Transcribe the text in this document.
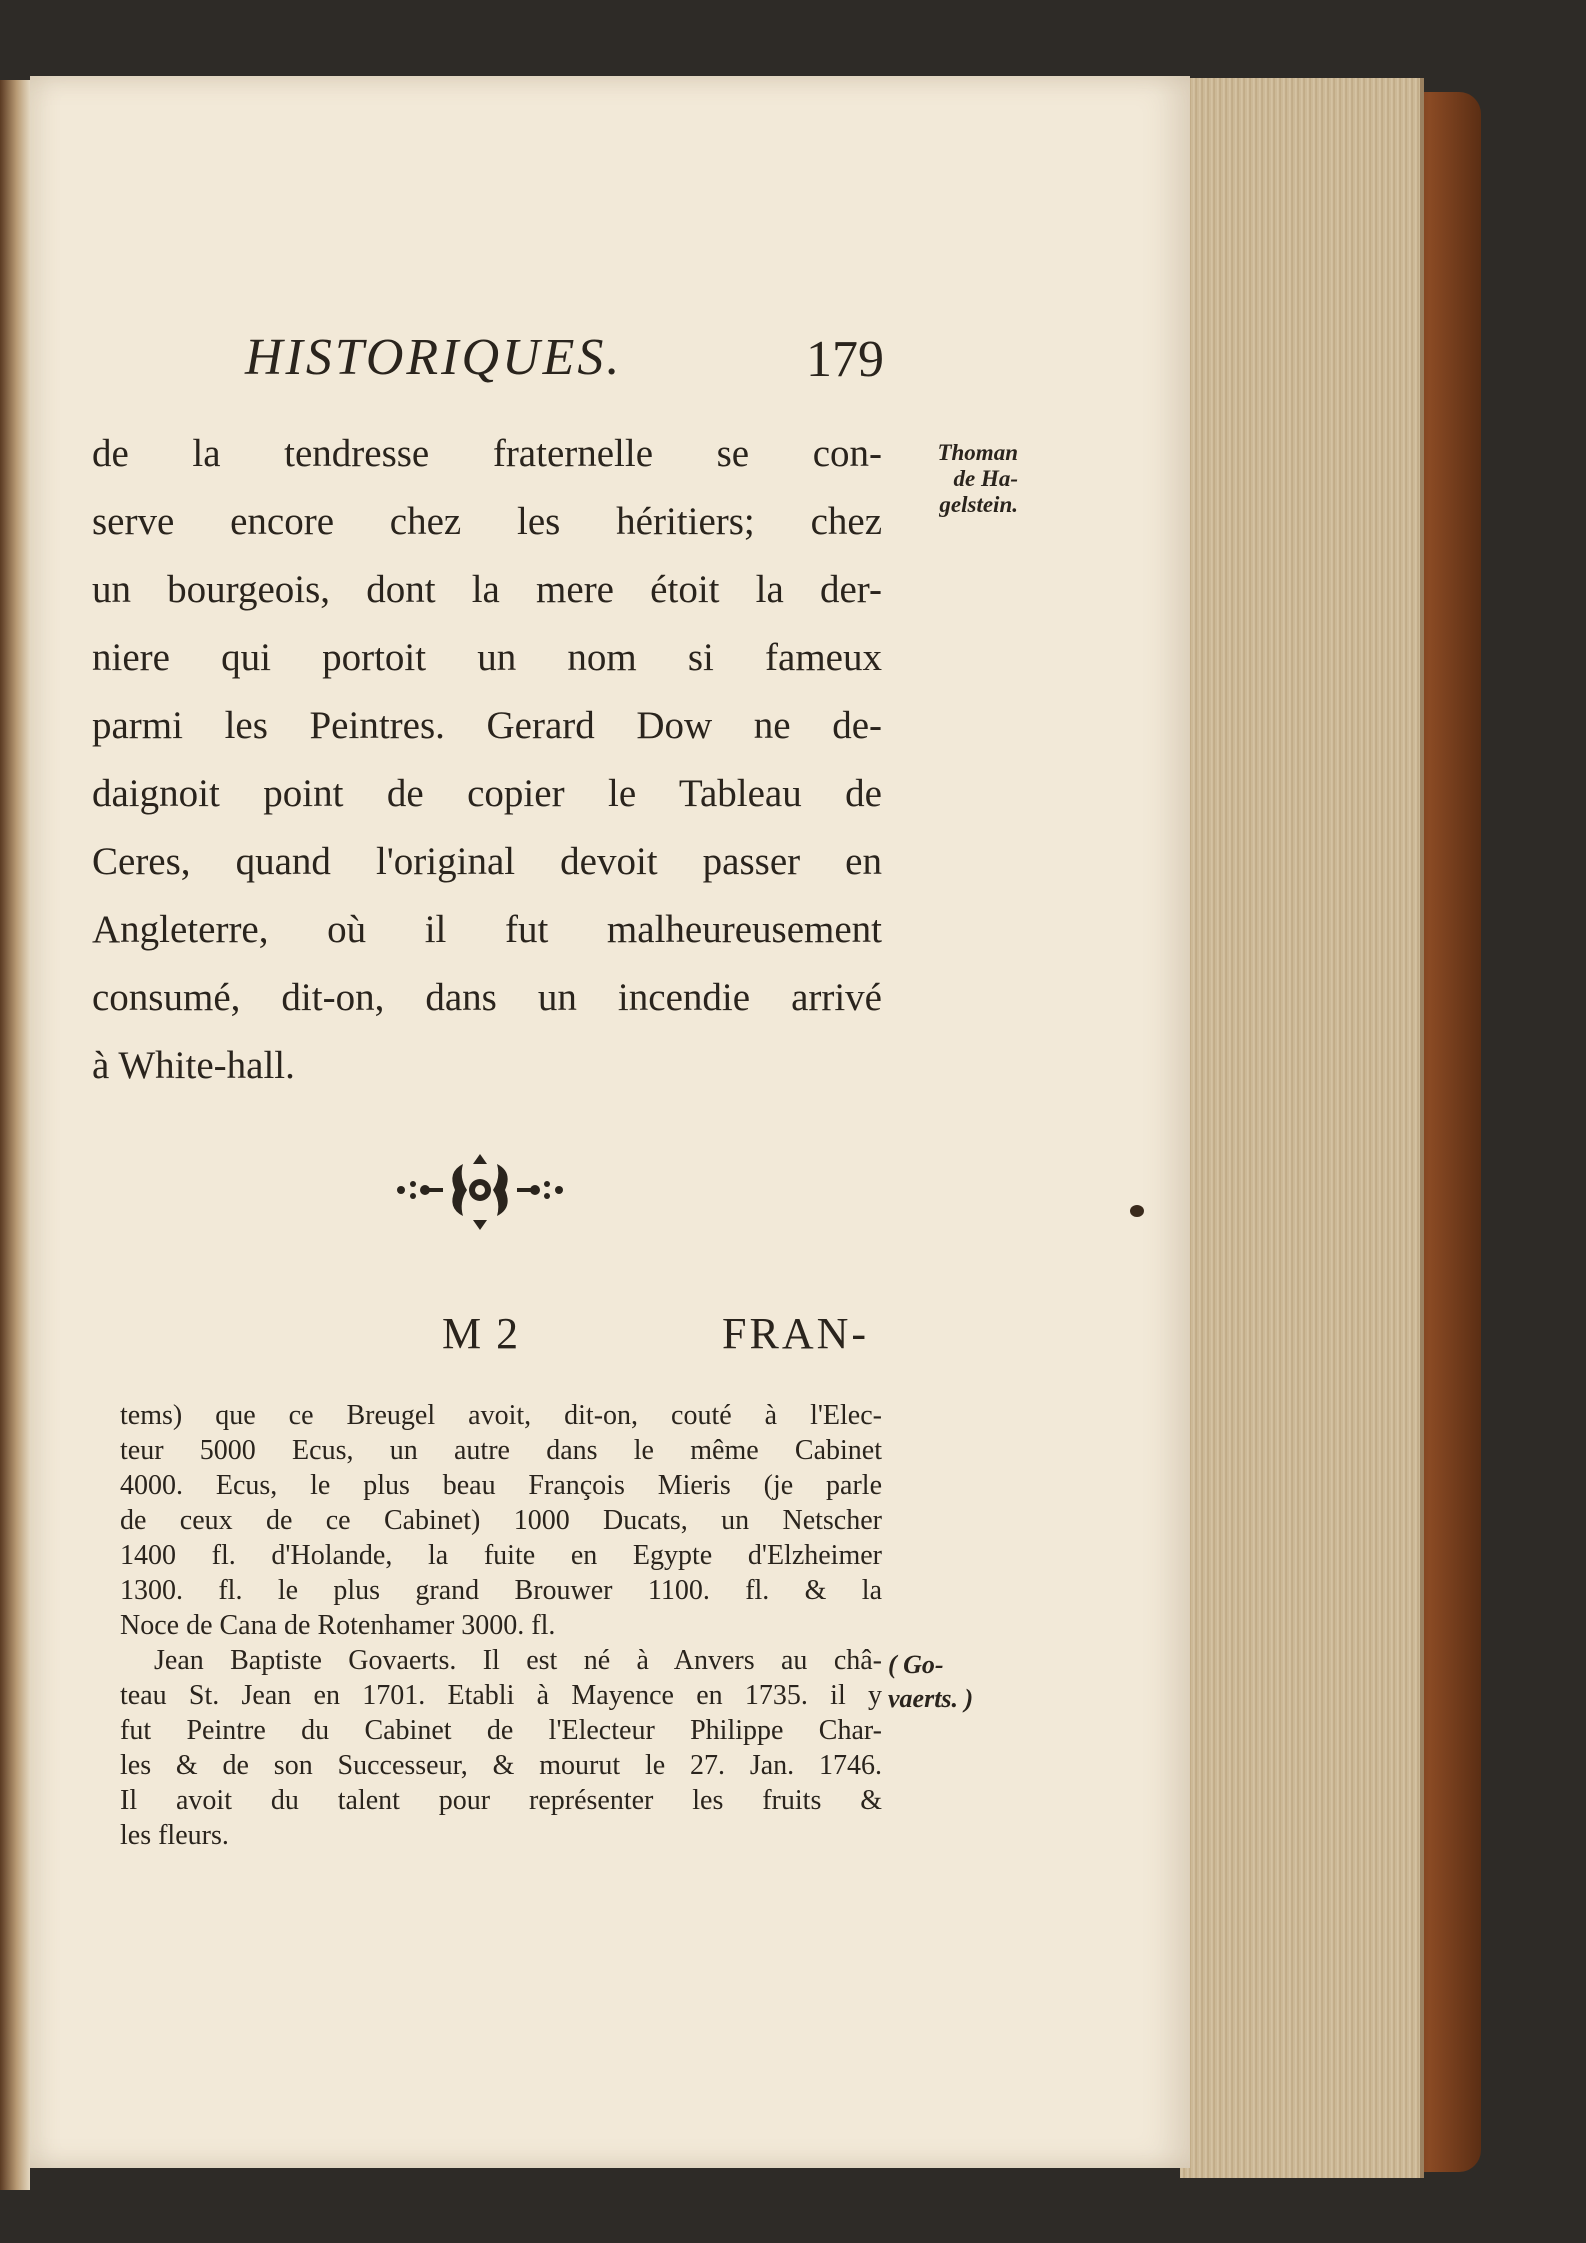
HISTORIQUES.	179
de la tendresse fraternelle se con-
serve encore chez les héritiers; chez
un bourgeois, dont la mere étoit la der-
niere qui portoit un nom si fameux
parmi les Peintres. Gerard Dow ne de-
daignoit point de copier le Tableau de
Ceres, quand l'original devoit passer en
Angleterre, où il fut malheureusement
consumé, dit-on, dans un incendie arrivé
à White-hall.
Thoman
de Ha-
gelstein.
M 2	FRAN-
tems) que ce Breugel avoit, dit-on, couté à l'Elec-
teur 5000 Ecus, un autre dans le même Cabinet
4000. Ecus, le plus beau François Mieris (je parle
de ceux de ce Cabinet) 1000 Ducats, un Netscher
1400 fl. d'Holande, la fuite en Egypte d'Elzheimer
1300. fl. le plus grand Brouwer 1100. fl. & la
Noce de Cana de Rotenhamer 3000. fl.
Jean Baptiste Govaerts. Il est né à Anvers au châ-
teau St. Jean en 1701. Etabli à Mayence en 1735. il y
fut Peintre du Cabinet de l'Electeur Philippe Char-
les & de son Successeur, & mourut le 27. Jan. 1746.
Il avoit du talent pour représenter les fruits &
les fleurs.
( Go-
vaerts. )
